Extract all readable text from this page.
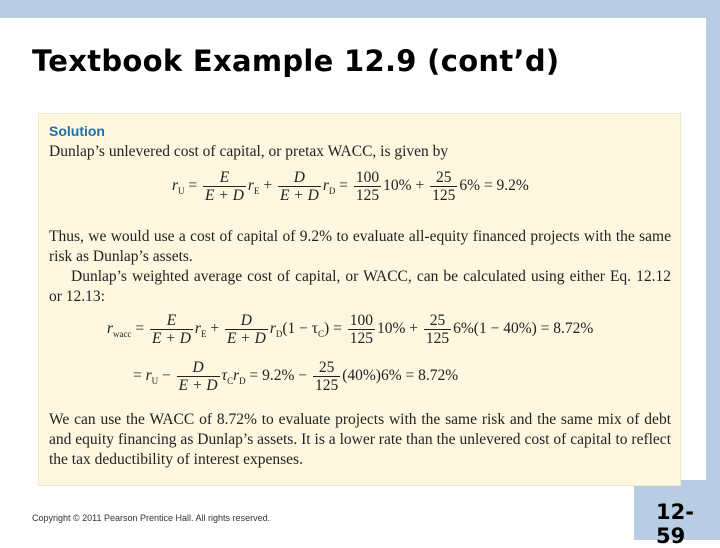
Textbook Example 12.9 (cont’d)
Solution
Dunlap’s unlevered cost of capital, or pretax WACC, is given by
$r_U = \frac{E}{E + D} r_E + \frac{D}{E + D} r_D = \frac{100}{125} 10\% + \frac{25}{125} 6\% = 9.2\%$
Thus, we would use a cost of capital of 9.2% to evaluate all-equity financed projects with the same risk as Dunlap’s assets.
Dunlap’s weighted average cost of capital, or WACC, can be calculated using either Eq. 12.12 or 12.13:
$r_{wacc} = \frac{E}{E + D} r_E + \frac{D}{E + D} r_D(1 - \tau_C) = \frac{100}{125} 10\% + \frac{25}{125} 6\%(1 - 40\%) = 8.72\%$
= $r_U - \frac{D}{E + D} \tau_Cr_D = 9.2\% - \frac{25}{125} (40\%)6\% = 8.72\%$
We can use the WACC of 8.72% to evaluate projects with the same risk and the same mix of debt and equity financing as Dunlap’s assets. It is a lower rate than the unlevered cost of capital to reflect the tax deductibility of interest expenses.
Copyright © 2011 Pearson Prentice Hall. All rights reserved.	12-
59
